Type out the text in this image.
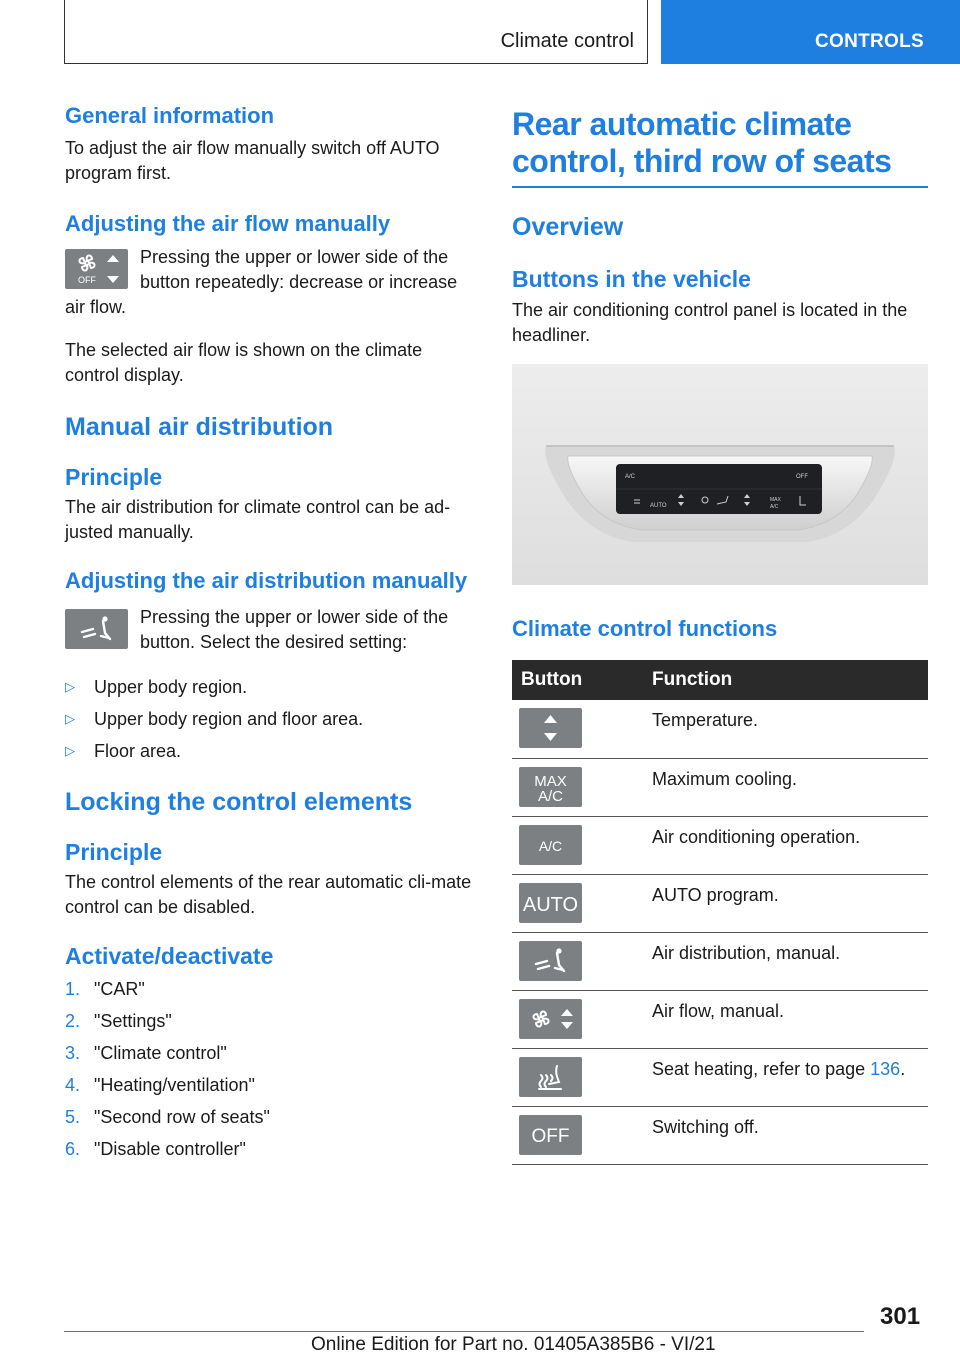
Climate control	CONTROLS
General information

To adjust the air flow manually switch off AUTO program first.

Adjusting the air flow manually
OFF

Pressing the upper or lower side of the button repeatedly: decrease or increase air flow.

The selected air flow is shown on the climate control display.

Manual air distribution
Principle

The air distribution for climate control can be ad‐justed manually.

Adjusting the air distribution manually

Pressing the upper or lower side of the button. Select the desired setting:

▷ Upper body region.
▷ Upper body region and floor area.
▷ Floor area.
Locking the control elements
Principle

The control elements of the rear automatic cli‐mate control can be disabled.

Activate/deactivate
1. "CAR"
2. "Settings"
3. "Climate control"
4. "Heating/ventilation"
5. "Second row of seats"
6. "Disable controller"
Rear automatic climate control, third row of seats
Overview
Buttons in the vehicle

The air conditioning control panel is located in the headliner.

A/C	OFF
AUTO
MAX
A/C
Climate control functions
Button	Function

	Temperature.

MAX
A/C	Maximum cooling.

A/C	Air conditioning operation.

AUTO	AUTO program.

	Air distribution, manual.

	Air flow, manual.

	Seat heating, refer to page 136.

OFF	Switching off.
301
Online Edition for Part no. 01405A385B6 - VI/21
